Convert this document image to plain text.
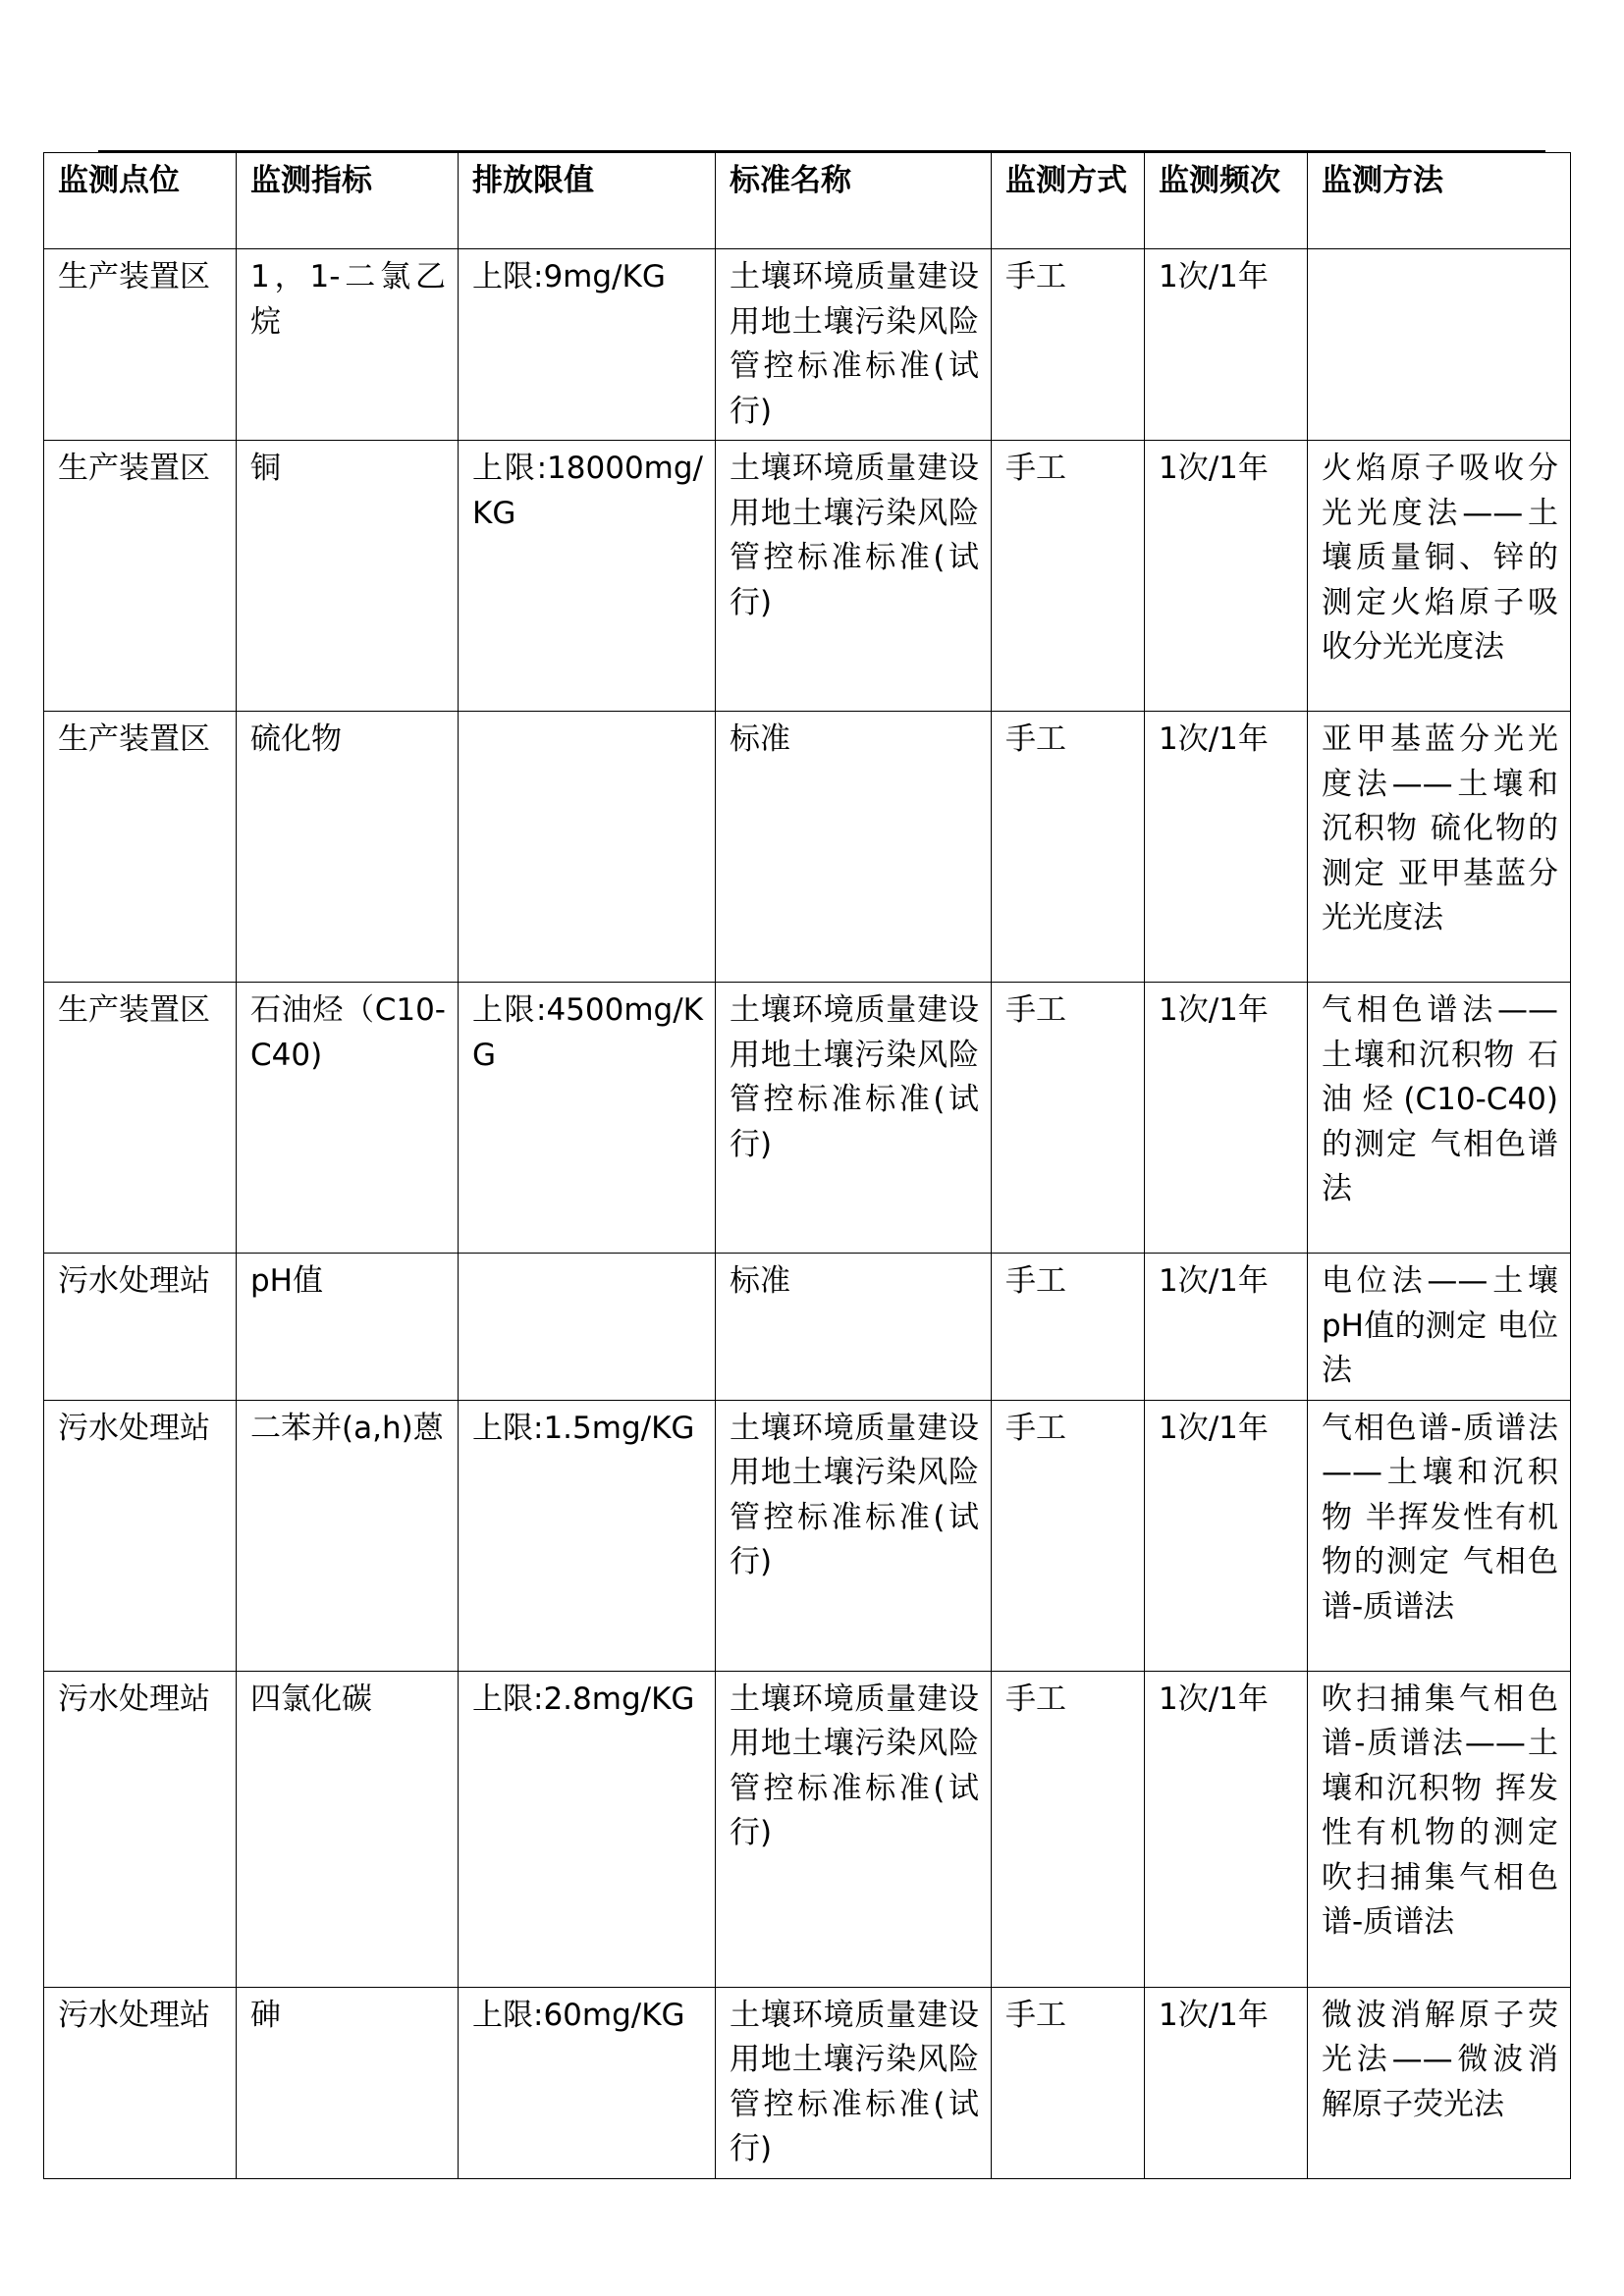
监测点位	监测指标	排放限值	标准名称	监测方式	监测频次	监测方法
生产装置区	1，1-二氯乙烷	上限:9mg/KG	土壤环境质量建设用地土壤污染风险管控标准标准(试行)	手工	1次/1年	
生产装置区	铜	上限:18000mg/KG	土壤环境质量建设用地土壤污染风险管控标准标准(试行)	手工	1次/1年	火焰原子吸收分光光度法——土壤质量铜、锌的测定火焰原子吸收分光光度法
生产装置区	硫化物		标准	手工	1次/1年	亚甲基蓝分光光度法——土壤和沉积物 硫化物的测定 亚甲基蓝分光光度法
生产装置区	石油烃（C10-C40)	上限:4500mg/KG	土壤环境质量建设用地土壤污染风险管控标准标准(试行)	手工	1次/1年	气相色谱法——土壤和沉积物 石油烃(C10-C40) 的测定 气相色谱法
污水处理站	pH值		标准	手工	1次/1年	电位法——土壤 pH值的测定 电位法
污水处理站	二苯并(a,h)蒽	上限:1.5mg/KG	土壤环境质量建设用地土壤污染风险管控标准标准(试行)	手工	1次/1年	气相色谱-质谱法——土壤和沉积物 半挥发性有机物的测定 气相色谱-质谱法
污水处理站	四氯化碳	上限:2.8mg/KG	土壤环境质量建设用地土壤污染风险管控标准标准(试行)	手工	1次/1年	吹扫捕集气相色谱-质谱法——土壤和沉积物 挥发性有机物的测定 吹扫捕集气相色谱-质谱法
污水处理站	砷	上限:60mg/KG	土壤环境质量建设用地土壤污染风险管控标准标准(试行)	手工	1次/1年	微波消解原子荧光法——微波消解原子荧光法
